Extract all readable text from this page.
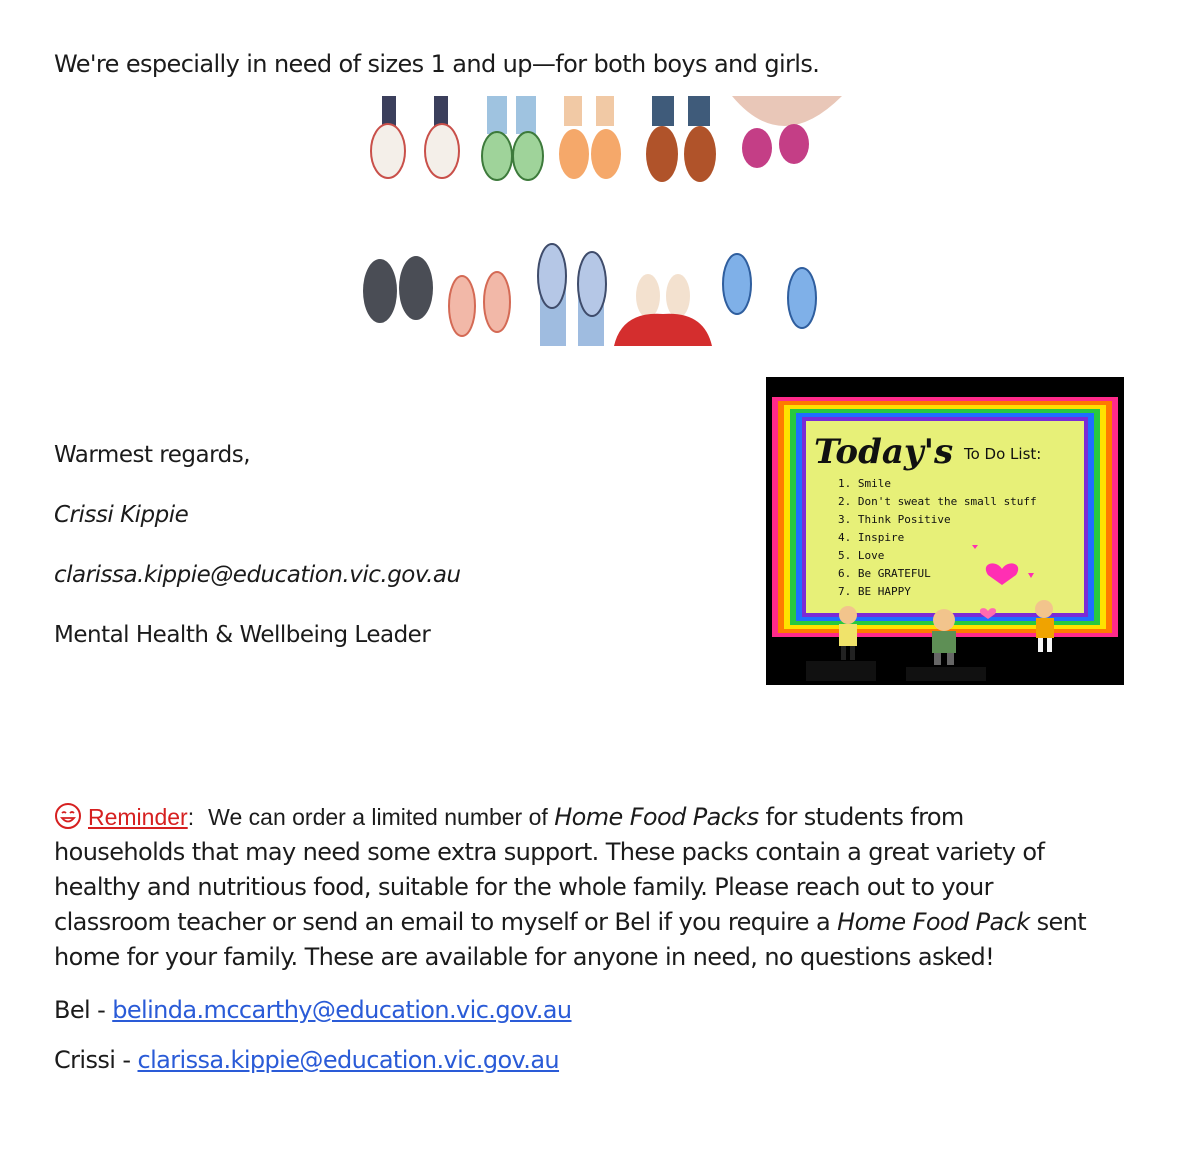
We're especially in need of sizes 1 and up—for both boys and girls.
Warmest regards,
Crissi Kippie
clarissa.kippie@education.vic.gov.au
Mental Health & Wellbeing Leader
Today's To Do List:
1. Smile
2. Don't sweat the small stuff
3. Think Positive
4. Inspire
5. Love
6. Be GRATEFUL
7. BE HAPPY
Reminder: We can order a limited number of Home Food Packs for students from
households that may need some extra support. These packs contain a great variety of
healthy and nutritious food, suitable for the whole family. Please reach out to your
classroom teacher or send an email to myself or Bel if you require a Home Food Pack sent
home for your family. These are available for anyone in need, no questions asked!
Bel - belinda.mccarthy@education.vic.gov.au
Crissi - clarissa.kippie@education.vic.gov.au
